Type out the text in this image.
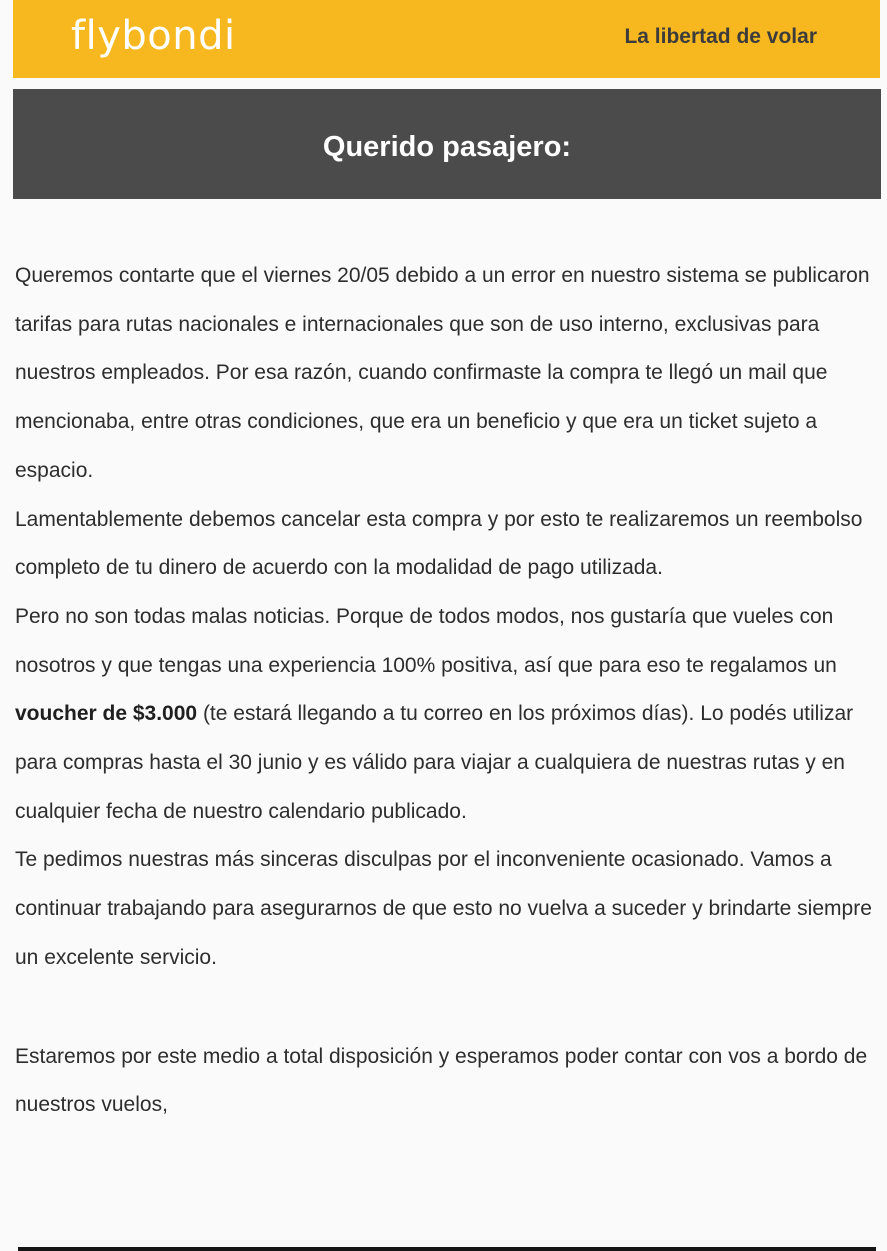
flybondi	La libertad de volar
Querido pasajero:

Queremos contarte que el viernes 20/05 debido a un error en nuestro sistema se publicaron tarifas para rutas nacionales e internacionales que son de uso interno, exclusivas para nuestros empleados. Por esa razón, cuando confirmaste la compra te llegó un mail que mencionaba, entre otras condiciones, que era un beneficio y que era un ticket sujeto a espacio.

Lamentablemente debemos cancelar esta compra y por esto te realizaremos un reembolso completo de tu dinero de acuerdo con la modalidad de pago utilizada.

Pero no son todas malas noticias. Porque de todos modos, nos gustaría que vueles con nosotros y que tengas una experiencia 100% positiva, así que para eso te regalamos un voucher de $3.000 (te estará llegando a tu correo en los próximos días). Lo podés utilizar para compras hasta el 30 junio y es válido para viajar a cualquiera de nuestras rutas y en cualquier fecha de nuestro calendario publicado.

Te pedimos nuestras más sinceras disculpas por el inconveniente ocasionado. Vamos a continuar trabajando para asegurarnos de que esto no vuelva a suceder y brindarte siempre un excelente servicio.

Estaremos por este medio a total disposición y esperamos poder contar con vos a bordo de nuestros vuelos,
